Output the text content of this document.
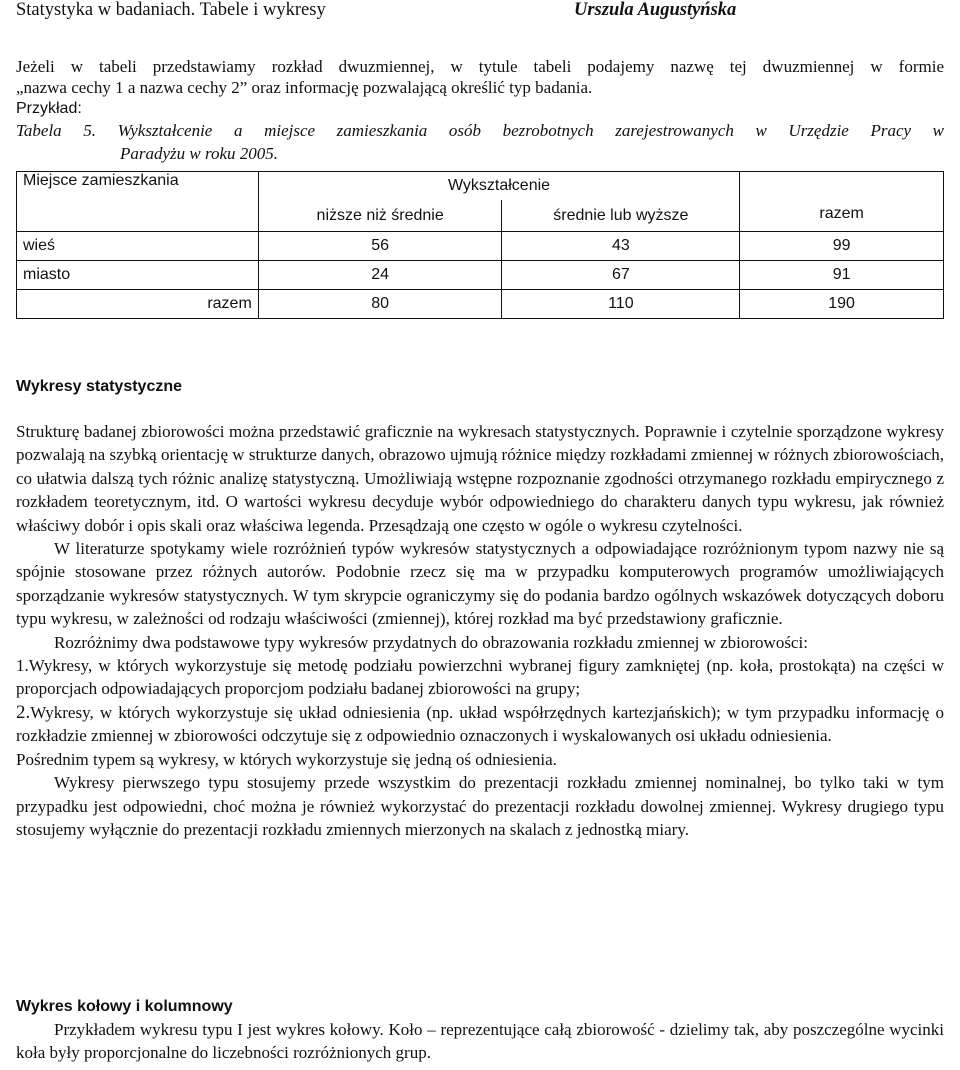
Statystyka w badaniach. Tabele i wykresy	Urszula Augustyńska
Jeżeli w tabeli przedstawiamy rozkład dwuzmiennej, w tytule tabeli podajemy nazwę tej dwuzmiennej w formie
„nazwa cechy 1 a nazwa cechy 2” oraz informację pozwalającą określić typ badania.
Przykład:
Tabela 5. Wykształcenie a miejsce zamieszkania osób bezrobotnych zarejestrowanych w Urzędzie Pracy w
Paradyżu w roku 2005.
Miejsce zamieszkania	Wykształcenie		razem
	niższe niż średnie	średnie lub wyższe	
wieś	56	43	99
miasto	24	67	91
razem	80	110	190
Wykresy statystyczne

Strukturę badanej zbiorowości można przedstawić graficznie na wykresach statystycznych. Poprawnie i czytelnie sporządzone wykresy pozwalają na szybką orientację w strukturze danych, obrazowo ujmują różnice między rozkładami zmiennej w różnych zbiorowościach, co ułatwia dalszą tych różnic analizę statystyczną. Umożliwiają wstępne rozpoznanie zgodności otrzymanego rozkładu empirycznego z rozkładem teoretycznym, itd. O wartości wykresu decyduje wybór odpowiedniego do charakteru danych typu wykresu, jak również właściwy dobór i opis skali oraz właściwa legenda. Przesądzają one często w ogóle o wykresu czytelności.

W literaturze spotykamy wiele rozróżnień typów wykresów statystycznych a odpowiadające rozróżnionym typom nazwy nie są spójnie stosowane przez różnych autorów. Podobnie rzecz się ma w przypadku komputerowych programów umożliwiających sporządzanie wykresów statystycznych. W tym skrypcie ograniczymy się do podania bardzo ogólnych wskazówek dotyczących doboru typu wykresu, w zależności od rodzaju właściwości (zmiennej), której rozkład ma być przedstawiony graficznie.

Rozróżnimy dwa podstawowe typy wykresów przydatnych do obrazowania rozkładu zmiennej w zbiorowości:

1.Wykresy, w których wykorzystuje się metodę podziału powierzchni wybranej figury zamkniętej (np. koła, prostokąta) na części w proporcjach odpowiadających proporcjom podziału badanej zbiorowości na grupy;

2.Wykresy, w których wykorzystuje się układ odniesienia (np. układ współrzędnych kartezjańskich); w tym przypadku informację o rozkładzie zmiennej w zbiorowości odczytuje się z odpowiednio oznaczonych i wyskalowanych osi układu odniesienia.

Pośrednim typem są wykresy, w których wykorzystuje się jedną oś odniesienia.

Wykresy pierwszego typu stosujemy przede wszystkim do prezentacji rozkładu zmiennej nominalnej, bo tylko taki w tym przypadku jest odpowiedni, choć można je również wykorzystać do prezentacji rozkładu dowolnej zmiennej. Wykresy drugiego typu stosujemy wyłącznie do prezentacji rozkładu zmiennych mierzonych na skalach z jednostką miary.

Wykres kołowy i kolumnowy

Przykładem wykresu typu I jest wykres kołowy. Koło – reprezentujące całą zbiorowość - dzielimy tak, aby poszczególne wycinki koła były proporcjonalne do liczebności rozróżnionych grup.
